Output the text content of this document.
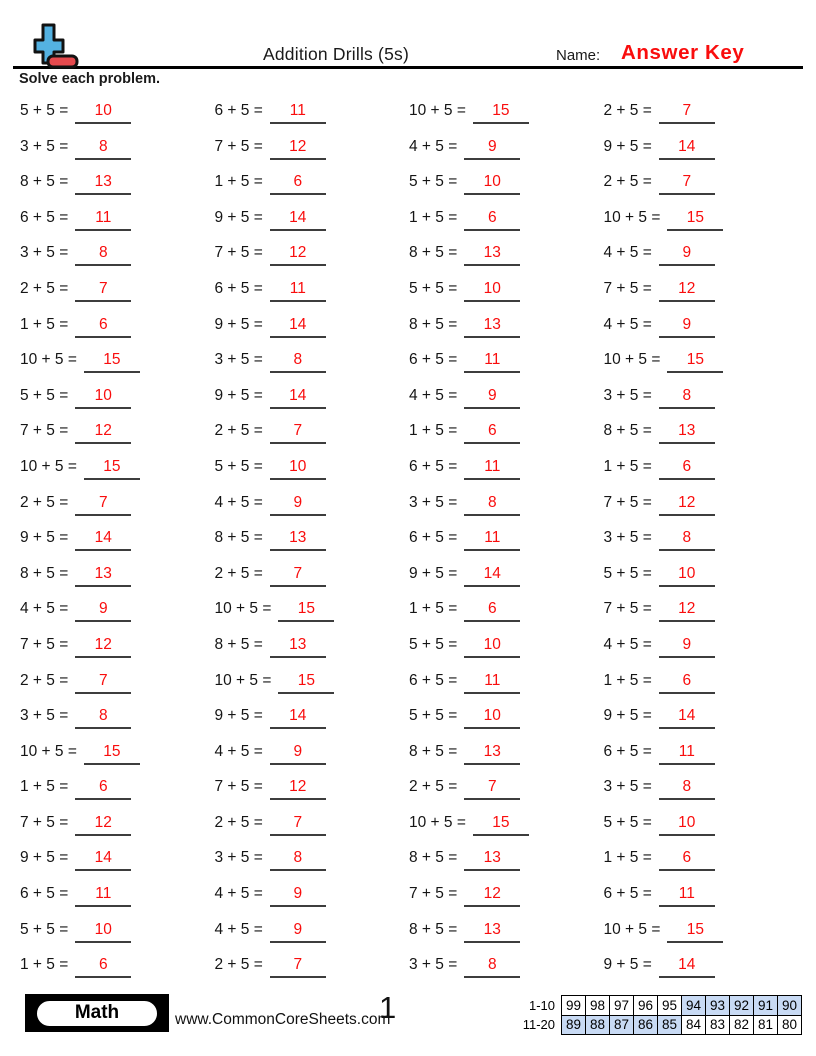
Addition Drills (5s)	Name: Answer Key
Solve each problem.
5 + 5 =	10
3 + 5 =	8
8 + 5 =	13
6 + 5 =	11
3 + 5 =	8
2 + 5 =	7
1 + 5 =	6
10 + 5 =	15
5 + 5 =	10
7 + 5 =	12
10 + 5 =	15
2 + 5 =	7
9 + 5 =	14
8 + 5 =	13
4 + 5 =	9
7 + 5 =	12
2 + 5 =	7
3 + 5 =	8
10 + 5 =	15
1 + 5 =	6
7 + 5 =	12
9 + 5 =	14
6 + 5 =	11
5 + 5 =	10
1 + 5 =	6
6 + 5 =	11
7 + 5 =	12
1 + 5 =	6
9 + 5 =	14
7 + 5 =	12
6 + 5 =	11
9 + 5 =	14
3 + 5 =	8
9 + 5 =	14
2 + 5 =	7
5 + 5 =	10
4 + 5 =	9
8 + 5 =	13
2 + 5 =	7
10 + 5 =	15
8 + 5 =	13
10 + 5 =	15
9 + 5 =	14
4 + 5 =	9
7 + 5 =	12
2 + 5 =	7
3 + 5 =	8
4 + 5 =	9
4 + 5 =	9
2 + 5 =	7
10 + 5 =	15
4 + 5 =	9
5 + 5 =	10
1 + 5 =	6
8 + 5 =	13
5 + 5 =	10
8 + 5 =	13
6 + 5 =	11
4 + 5 =	9
1 + 5 =	6
6 + 5 =	11
3 + 5 =	8
6 + 5 =	11
9 + 5 =	14
1 + 5 =	6
5 + 5 =	10
6 + 5 =	11
5 + 5 =	10
8 + 5 =	13
2 + 5 =	7
10 + 5 =	15
8 + 5 =	13
7 + 5 =	12
8 + 5 =	13
3 + 5 =	8
2 + 5 =	7
9 + 5 =	14
2 + 5 =	7
10 + 5 =	15
4 + 5 =	9
7 + 5 =	12
4 + 5 =	9
10 + 5 =	15
3 + 5 =	8
8 + 5 =	13
1 + 5 =	6
7 + 5 =	12
3 + 5 =	8
5 + 5 =	10
7 + 5 =	12
4 + 5 =	9
1 + 5 =	6
9 + 5 =	14
6 + 5 =	11
3 + 5 =	8
5 + 5 =	10
1 + 5 =	6
6 + 5 =	11
10 + 5 =	15
9 + 5 =	14
Math	www.CommonCoreSheets.com
1	1-10	99	98	97	96	95	94	93	92	91	90
11-20	89	88	87	86	85	84	83	82	81	80
